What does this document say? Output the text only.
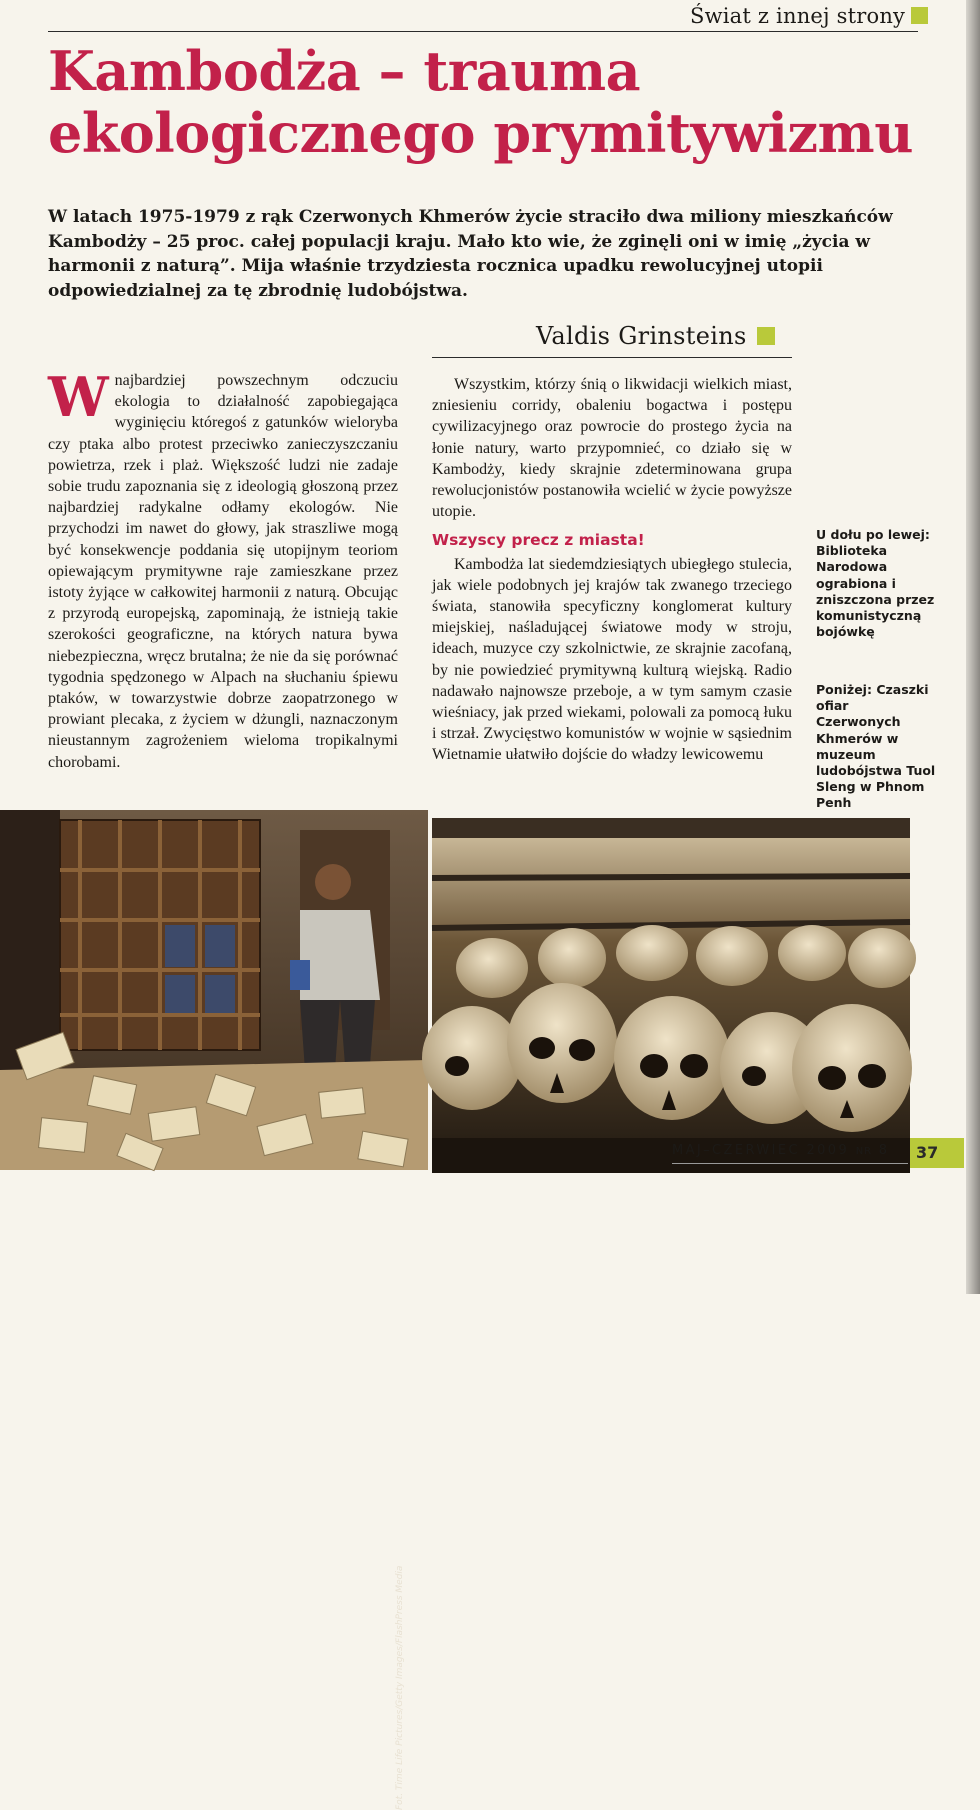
Świat z innej strony
Kambodża – trauma
ekologicznego prymitywizmu

W latach 1975-1979 z rąk Czerwonych Khmerów życie straciło dwa miliony mieszkańców Kambodży – 25 proc. całej populacji kraju. Mało kto wie, że zginęli oni w imię „życia w harmonii z naturą”. Mija właśnie trzydziesta rocznica upadku rewolucyjnej utopii odpowiedzialnej za tę zbrodnię ludobójstwa.

Valdis Grinsteins
W najbardziej powszechnym odczuciu ekologia to działalność zapobiegająca wyginięciu któregoś z gatunków wieloryba czy ptaka albo protest przeciwko zanieczyszczaniu powietrza, rzek i plaż. Większość ludzi nie zadaje sobie trudu zapoznania się z ideologią głoszoną przez najbardziej radykalne odłamy ekologów. Nie przychodzi im nawet do głowy, jak straszliwe mogą być konsekwencje poddania się utopijnym teoriom opiewającym prymitywne raje zamieszkane przez istoty żyjące w całkowitej harmonii z naturą. Obcując z przyrodą europejską, zapominają, że istnieją takie szerokości geograficzne, na których natura bywa niebezpieczna, wręcz brutalna; że nie da się porównać tygodnia spędzonego w Alpach na słuchaniu śpiewu ptaków, w towarzystwie dobrze zaopatrzonego w prowiant plecaka, z życiem w dżungli, naznaczonym nieustannym zagrożeniem wieloma tropikalnymi chorobami.
Wszystkim, którzy śnią o likwidacji wielkich miast, zniesieniu corridy, obaleniu bogactwa i postępu cywilizacyjnego oraz powrocie do prostego życia na łonie natury, warto przypomnieć, co działo się w Kambodży, kiedy skrajnie zdeterminowana grupa rewolucjonistów postanowiła wcielić w życie powyższe utopie.
Wszyscy precz z miasta!
Kambodża lat siedemdziesiątych ubiegłego stulecia, jak wiele podobnych jej krajów tak zwanego trzeciego świata, stanowiła specyficzny konglomerat kultury miejskiej, naśladującej światowe mody w stroju, ideach, muzyce czy szkolnictwie, ze skrajnie zacofaną, by nie powiedzieć prymitywną kulturą wiejską. Radio nadawało najnowsze przeboje, a w tym samym czasie wieśniacy, jak przed wiekami, polowali za pomocą łuku i strzał. Zwycięstwo komunistów w wojnie w sąsiednim Wietnamie ułatwiło dojście do władzy lewicowemu
U dołu po lewej: Biblioteka Narodowa ograbiona i zniszczona przez komunistyczną bojówkę
Poniżej: Czaszki ofiar Czerwonych Khmerów w muzeum ludobójstwa Tuol Sleng w Phnom Penh
Fot. Time Life Pictures/Getty Images/FlashPress Media
MAJ–CZERWIEC 2009 NR 8	37
